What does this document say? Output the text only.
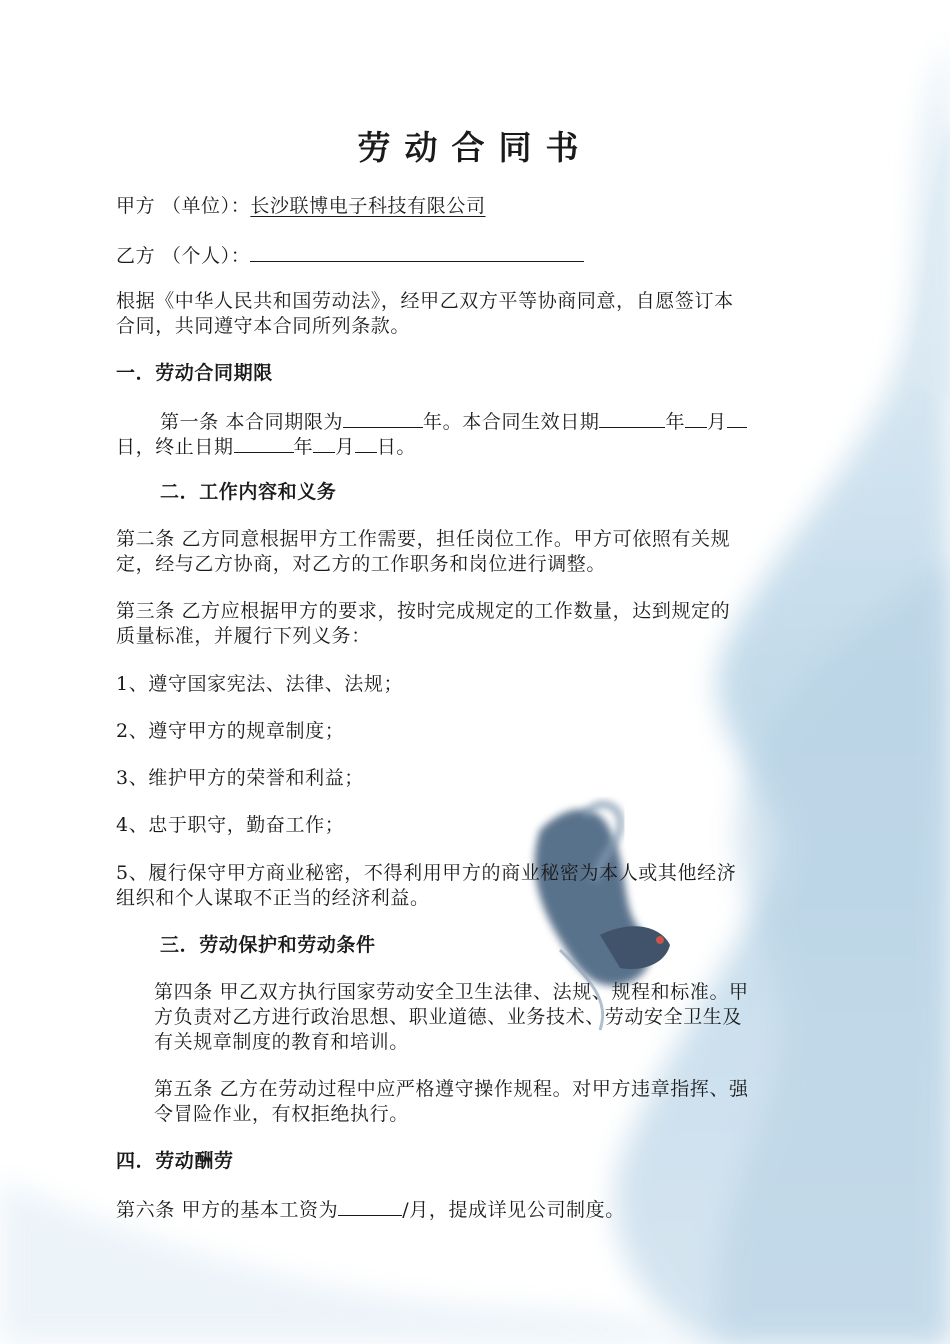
劳动合同书
甲方 （单位）：长沙联博电子科技有限公司
乙方 （个人）：
根据《中华人民共和国劳动法》，经甲乙双方平等协商同意，自愿签订本
合同，共同遵守本合同所列条款。
一．劳动合同期限
第一条 本合同期限为	年。本合同生效日期	年 月
日，终止日期	年 月 日。
二．工作内容和义务
第二条 乙方同意根据甲方工作需要，担任岗位工作。甲方可依照有关规
定，经与乙方协商，对乙方的工作职务和岗位进行调整。
第三条 乙方应根据甲方的要求，按时完成规定的工作数量，达到规定的
质量标准，并履行下列义务：
1、遵守国家宪法、法律、法规；
2、遵守甲方的规章制度；
3、维护甲方的荣誉和利益；
4、忠于职守，勤奋工作；
5、履行保守甲方商业秘密，不得利用甲方的商业秘密为本人或其他经济
组织和个人谋取不正当的经济利益。
三．劳动保护和劳动条件
第四条 甲乙双方执行国家劳动安全卫生法律、法规、规程和标准。甲
方负责对乙方进行政治思想、职业道德、业务技术、劳动安全卫生及
有关规章制度的教育和培训。
第五条 乙方在劳动过程中应严格遵守操作规程。对甲方违章指挥、强
令冒险作业，有权拒绝执行。
四．劳动酬劳
第六条 甲方的基本工资为	/月，提成详见公司制度。
